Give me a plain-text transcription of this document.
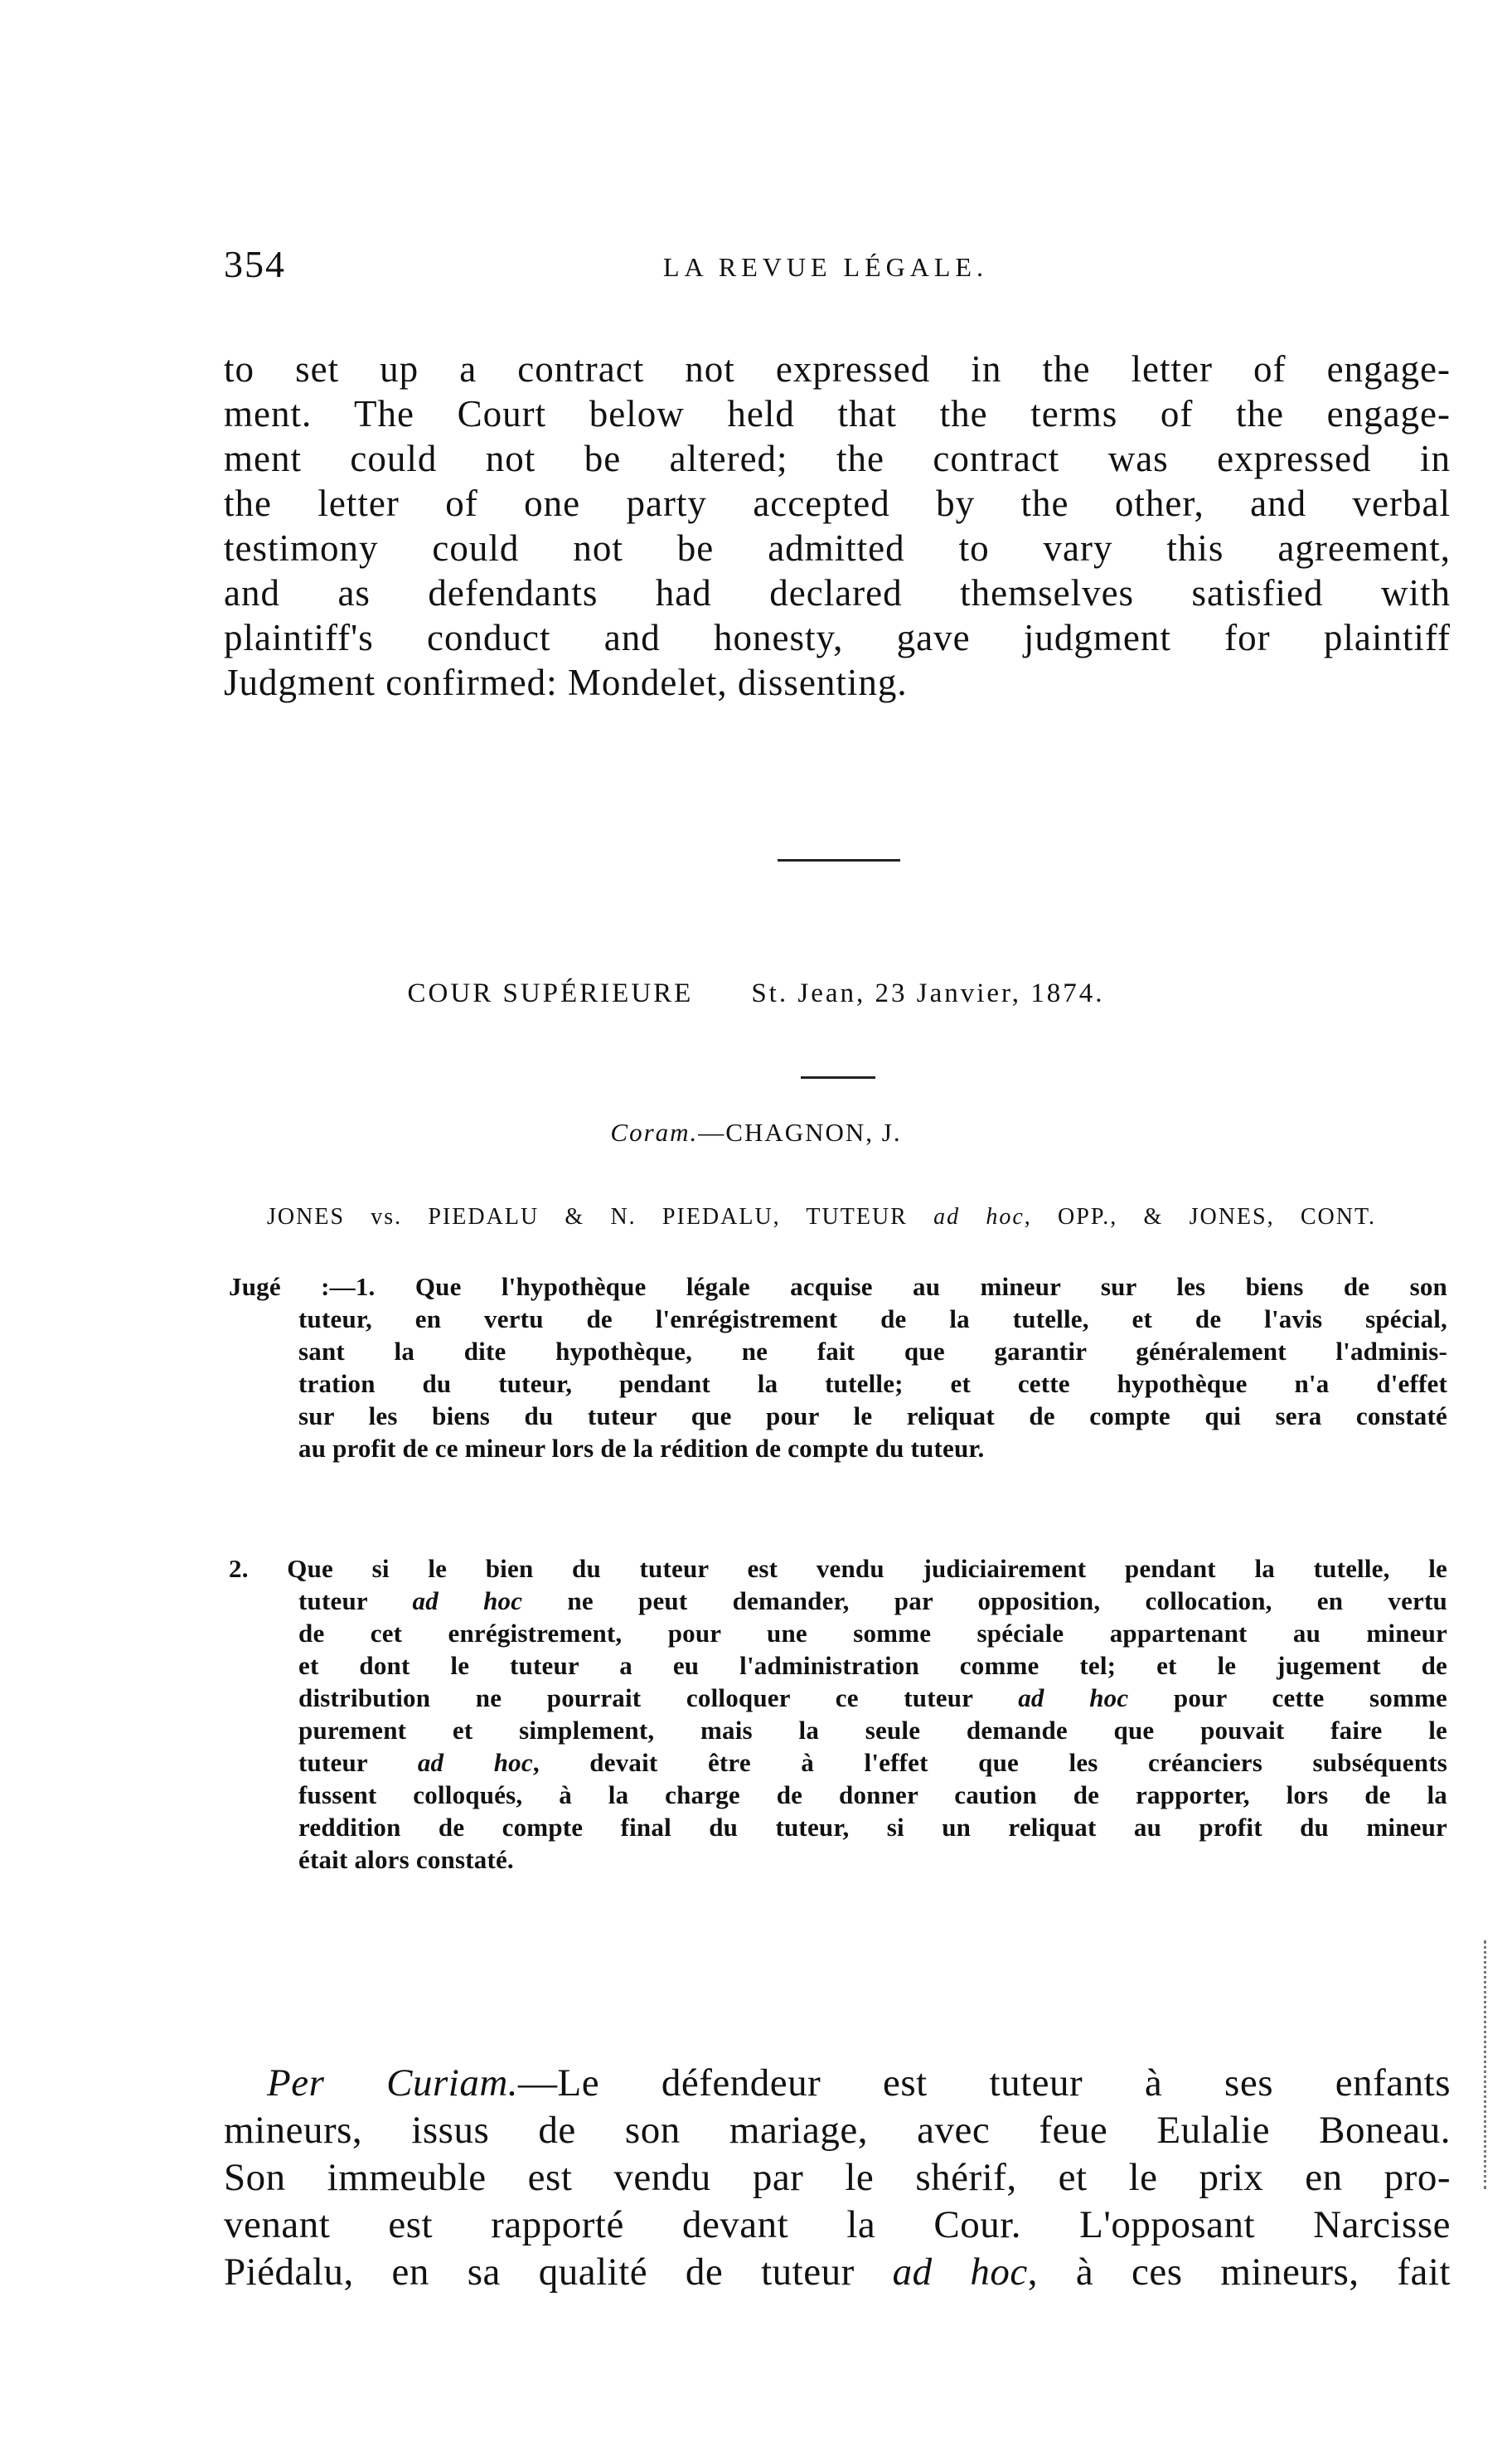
354	LA REVUE LÉGALE.
to set up a contract not expressed in the letter of engage-
ment. The Court below held that the terms of the engage-
ment could not be altered; the contract was expressed in
the letter of one party accepted by the other, and verbal
testimony could not be admitted to vary this agreement,
and as defendants had declared themselves satisfied with
plaintiff's conduct and honesty, gave judgment for plaintiff
Judgment confirmed: Mondelet, dissenting.
COUR SUPÉRIEURE St. Jean, 23 Janvier, 1874.
Coram.—CHAGNON, J.
JONES vs. PIEDALU & N. PIEDALU, TUTEUR ad hoc, OPP., & JONES, CONT.
Jugé :—1. Que l'hypothèque légale acquise au mineur sur les biens de son
tuteur, en vertu de l'enrégistrement de la tutelle, et de l'avis spécial,
sant la dite hypothèque, ne fait que garantir généralement l'adminis-
tration du tuteur, pendant la tutelle; et cette hypothèque n'a d'effet
sur les biens du tuteur que pour le reliquat de compte qui sera constaté
au profit de ce mineur lors de la rédition de compte du tuteur.
2. Que si le bien du tuteur est vendu judiciairement pendant la tutelle, le
tuteur ad hoc ne peut demander, par opposition, collocation, en vertu
de cet enrégistrement, pour une somme spéciale appartenant au mineur
et dont le tuteur a eu l'administration comme tel; et le jugement de
distribution ne pourrait colloquer ce tuteur ad hoc pour cette somme
purement et simplement, mais la seule demande que pouvait faire le
tuteur ad hoc, devait être à l'effet que les créanciers subséquents
fussent colloqués, à la charge de donner caution de rapporter, lors de la
reddition de compte final du tuteur, si un reliquat au profit du mineur
était alors constaté.
Per Curiam.—Le défendeur est tuteur à ses enfants
mineurs, issus de son mariage, avec feue Eulalie Boneau.
Son immeuble est vendu par le shérif, et le prix en pro-
venant est rapporté devant la Cour. L'opposant Narcisse
Piédalu, en sa qualité de tuteur ad hoc, à ces mineurs, fait
